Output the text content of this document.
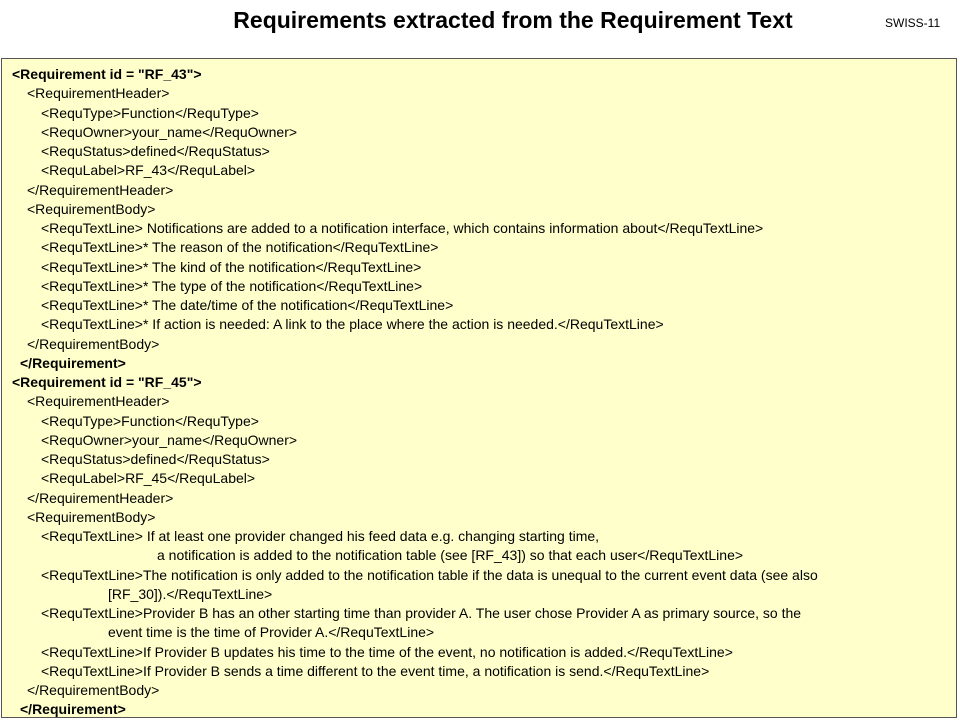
Requirements extracted from the Requirement Text	SWISS-11
<Requirement id = "RF_43">
<RequirementHeader>
<RequType>Function</RequType>
<RequOwner>your_name</RequOwner>
<RequStatus>defined</RequStatus>
<RequLabel>RF_43</RequLabel>
</RequirementHeader>
<RequirementBody>
<RequTextLine> Notifications are added to a notification interface, which contains information about</RequTextLine>
<RequTextLine>* The reason of the notification</RequTextLine>
<RequTextLine>* The kind of the notification</RequTextLine>
<RequTextLine>* The type of the notification</RequTextLine>
<RequTextLine>* The date/time of the notification</RequTextLine>
<RequTextLine>* If action is needed: A link to the place where the action is needed.</RequTextLine>
</RequirementBody>
</Requirement>
<Requirement id = "RF_45">
<RequirementHeader>
<RequType>Function</RequType>
<RequOwner>your_name</RequOwner>
<RequStatus>defined</RequStatus>
<RequLabel>RF_45</RequLabel>
</RequirementHeader>
<RequirementBody>
<RequTextLine> If at least one provider changed his feed data e.g. changing starting time,
a notification is added to the notification table (see [RF_43]) so that each user</RequTextLine>
<RequTextLine>The notification is only added to the notification table if the data is unequal to the current event data (see also
[RF_30]).</RequTextLine>
<RequTextLine>Provider B has an other starting time than provider A. The user chose Provider A as primary source, so the
event time is the time of Provider A.</RequTextLine>
<RequTextLine>If Provider B updates his time to the time of the event, no notification is added.</RequTextLine>
<RequTextLine>If Provider B sends a time different to the event time, a notification is send.</RequTextLine>
</RequirementBody>
</Requirement>
